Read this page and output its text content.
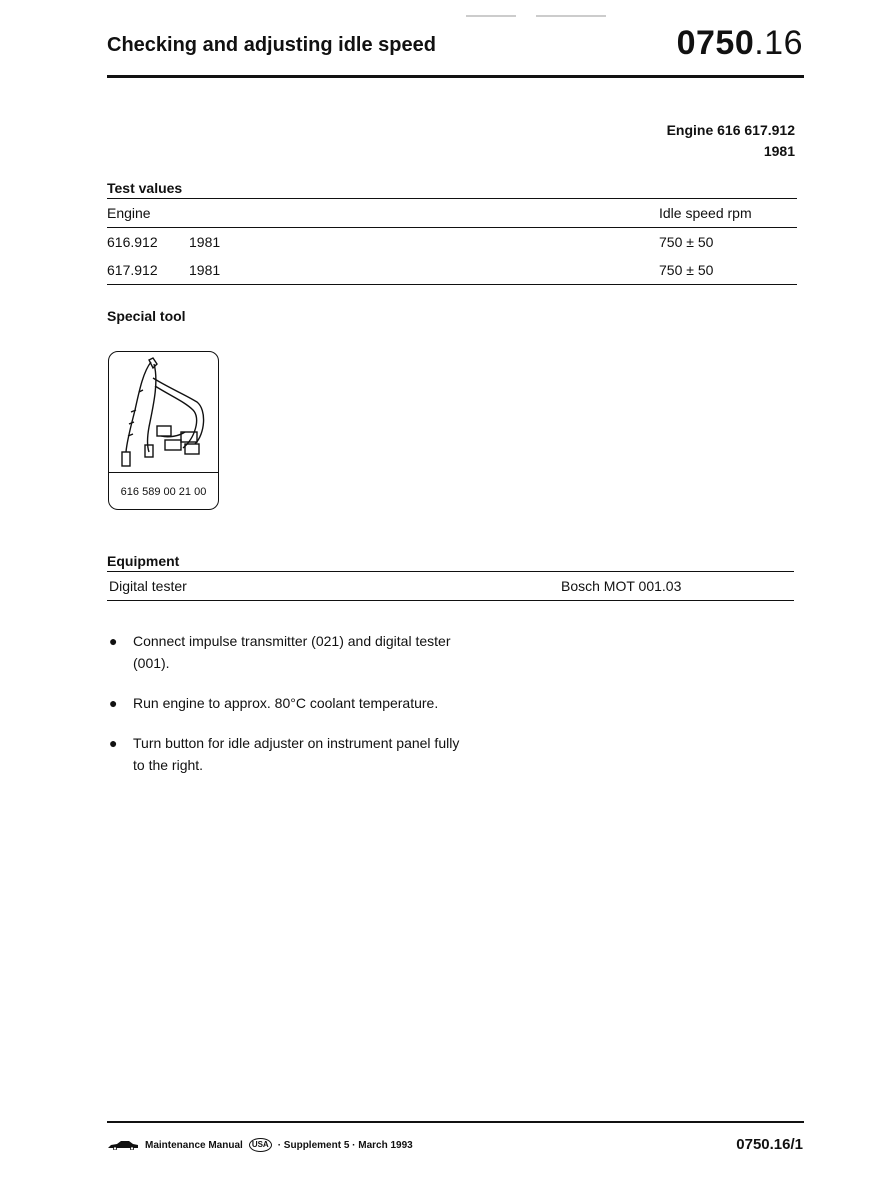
Checking and adjusting idle speed	0750.16
Engine 616 617.912
1981
Test values
Engine		Idle speed rpm
616.912	1981	750 ± 50
617.912	1981	750 ± 50
Special tool
616 589 00 21 00
Equipment
Digital tester	Bosch MOT 001.03
● Connect impulse transmitter (021) and digital tester (001).
● Run engine to approx. 80°C coolant temperature.
● Turn button for idle adjuster on instrument panel fully to the right.
Maintenance Manual	USA · Supplement 5 · March 1993	0750.16/1
